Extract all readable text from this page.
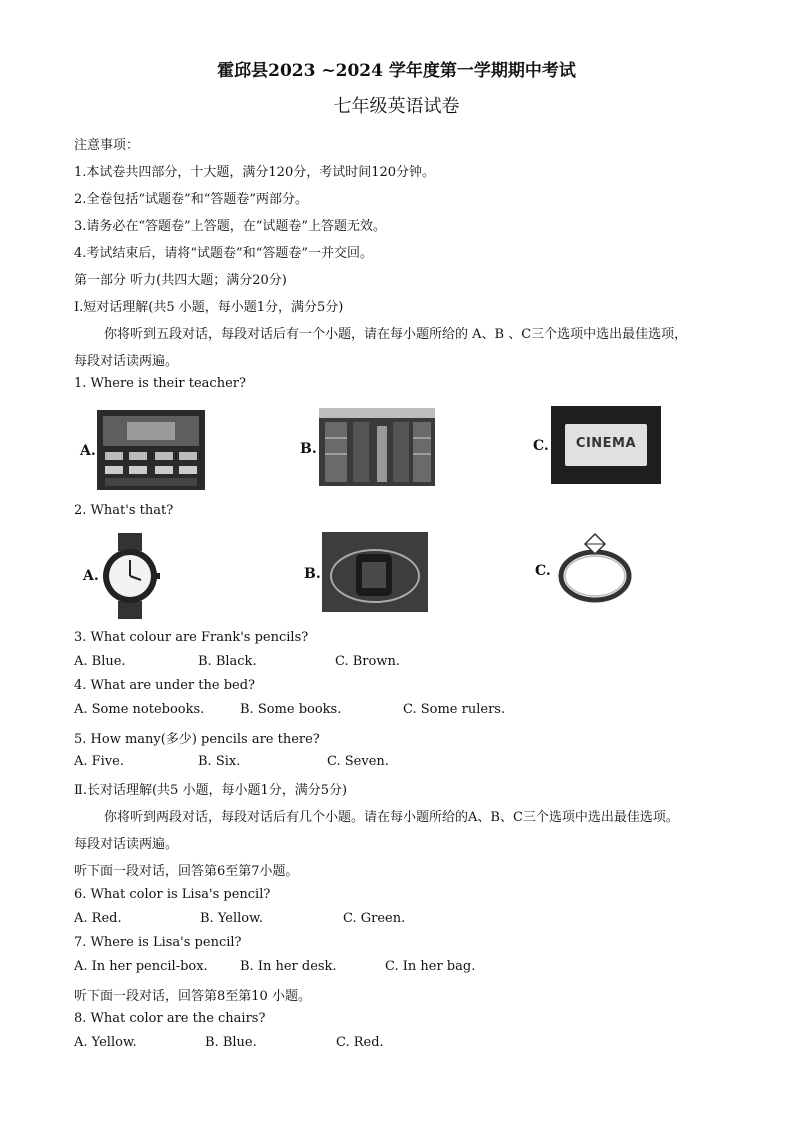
霍邱县2023 ~2024 学年度第一学期期中考试
七年级英语试卷
注意事项：
1.本试卷共四部分，十大题，满分120分，考试时间120分钟。
2.全卷包括“试题卷”和“答题卷”两部分。
3.请务必在“答题卷”上答题，在“试题卷”上答题无效。
4.考试结束后，请将“试题卷”和“答题卷”一并交回。
第一部分 听力(共四大题；满分20分)
Ⅰ.短对话理解(共5 小题，每小题1分，满分5分)
你将听到五段对话，每段对话后有一个小题，请在每小题所给的 A、B 、C三个选项中选出最佳选项，
每段对话读两遍。
1. Where is their teacher?
A.	B.	C.	CINEMA
2. What's that?
A.	B.	C.
3. What colour are Frank's pencils?
A. Blue.	B. Black.	C. Brown.
4. What are under the bed?
A. Some notebooks.	B. Some books.	C. Some rulers.
5. How many(多少) pencils are there?
A. Five.	B. Six.	C. Seven.
Ⅱ.长对话理解(共5 小题，每小题1分，满分5分)
你将听到两段对话，每段对话后有几个小题。请在每小题所给的A、B、C三个选项中选出最佳选项。
每段对话读两遍。
听下面一段对话，回答第6至第7小题。
6. What color is Lisa's pencil?
A. Red.	B. Yellow.	C. Green.
7. Where is Lisa's pencil?
A. In her pencil-box. B. In her desk.	C. In her bag.
听下面一段对话，回答第8至第10 小题。
8. What color are the chairs?
A. Yellow.	B. Blue.	C. Red.
